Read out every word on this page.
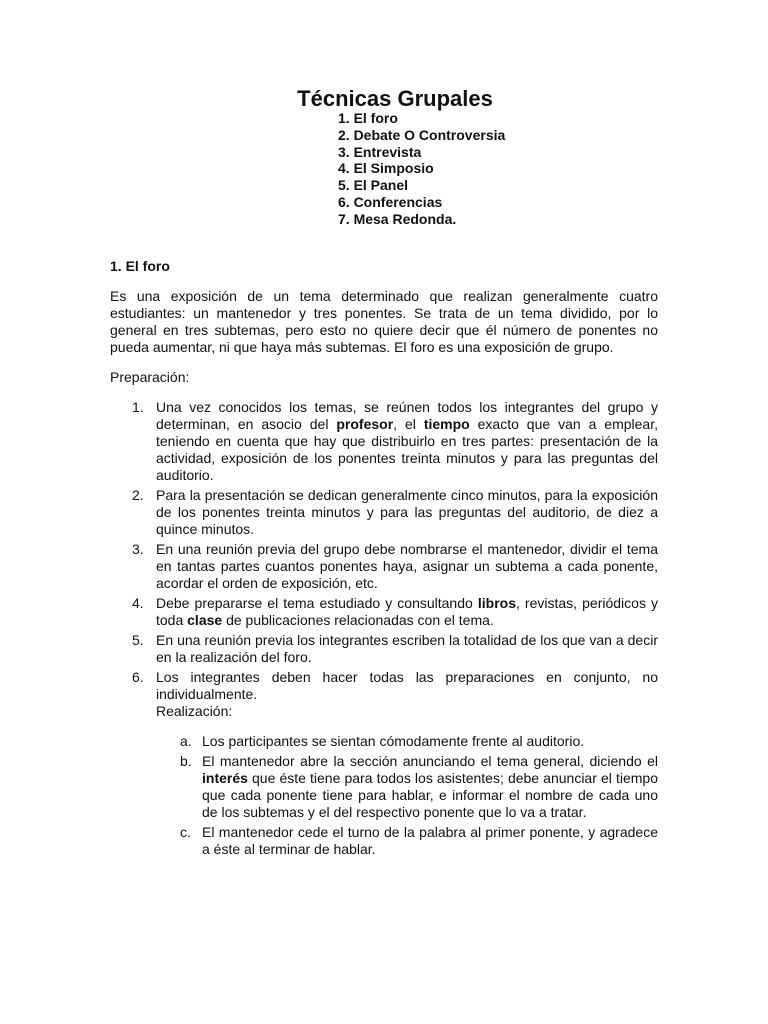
Técnicas Grupales
1. El foro
2. Debate O Controversia
3. Entrevista
4. El Simposio
5. El Panel
6. Conferencias
7. Mesa Redonda.
1. El foro

Es una exposición de un tema determinado que realizan generalmente cuatro estudiantes: un mantenedor y tres ponentes. Se trata de un tema dividido, por lo general en tres subtemas, pero esto no quiere decir que él número de ponentes no pueda aumentar, ni que haya más subtemas. El foro es una exposición de grupo.

Preparación:

1. Una vez conocidos los temas, se reúnen todos los integrantes del grupo y determinan, en asocio del profesor, el tiempo exacto que van a emplear, teniendo en cuenta que hay que distribuirlo en tres partes: presentación de la actividad, exposición de los ponentes treinta minutos y para las preguntas del auditorio.
2. Para la presentación se dedican generalmente cinco minutos, para la exposición de los ponentes treinta minutos y para las preguntas del auditorio, de diez a quince minutos.
3. En una reunión previa del grupo debe nombrarse el mantenedor, dividir el tema en tantas partes cuantos ponentes haya, asignar un subtema a cada ponente, acordar el orden de exposición, etc.
4. Debe prepararse el tema estudiado y consultando libros, revistas, periódicos y toda clase de publicaciones relacionadas con el tema.
5. En una reunión previa los integrantes escriben la totalidad de los que van a decir en la realización del foro.
6. Los integrantes deben hacer todas las preparaciones en conjunto, no individualmente.
Realización:
a. Los participantes se sientan cómodamente frente al auditorio.
b. El mantenedor abre la sección anunciando el tema general, diciendo el interés que éste tiene para todos los asistentes; debe anunciar el tiempo que cada ponente tiene para hablar, e informar el nombre de cada uno de los subtemas y el del respectivo ponente que lo va a tratar.
c. El mantenedor cede el turno de la palabra al primer ponente, y agradece a éste al terminar de hablar.
